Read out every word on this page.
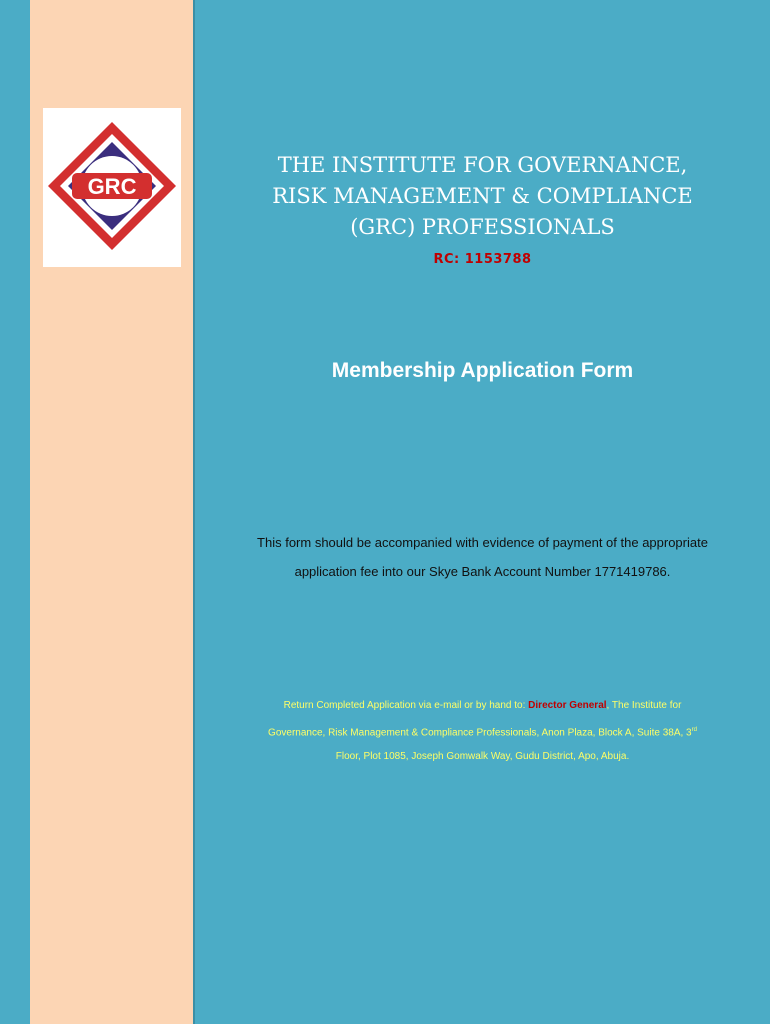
GRC
THE INSTITUTE FOR GOVERNANCE,
RISK MANAGEMENT & COMPLIANCE
(GRC) PROFESSIONALS
RC: 1153788
Membership Application Form
This form should be accompanied with evidence of payment of the appropriate
application fee into our Skye Bank Account Number 1771419786.
Return Completed Application via e-mail or by hand to: Director General, The Institute for
Governance, Risk Management & Compliance Professionals, Anon Plaza, Block A, Suite 38A, 3rd
Floor, Plot 1085, Joseph Gomwalk Way, Gudu District, Apo, Abuja.
